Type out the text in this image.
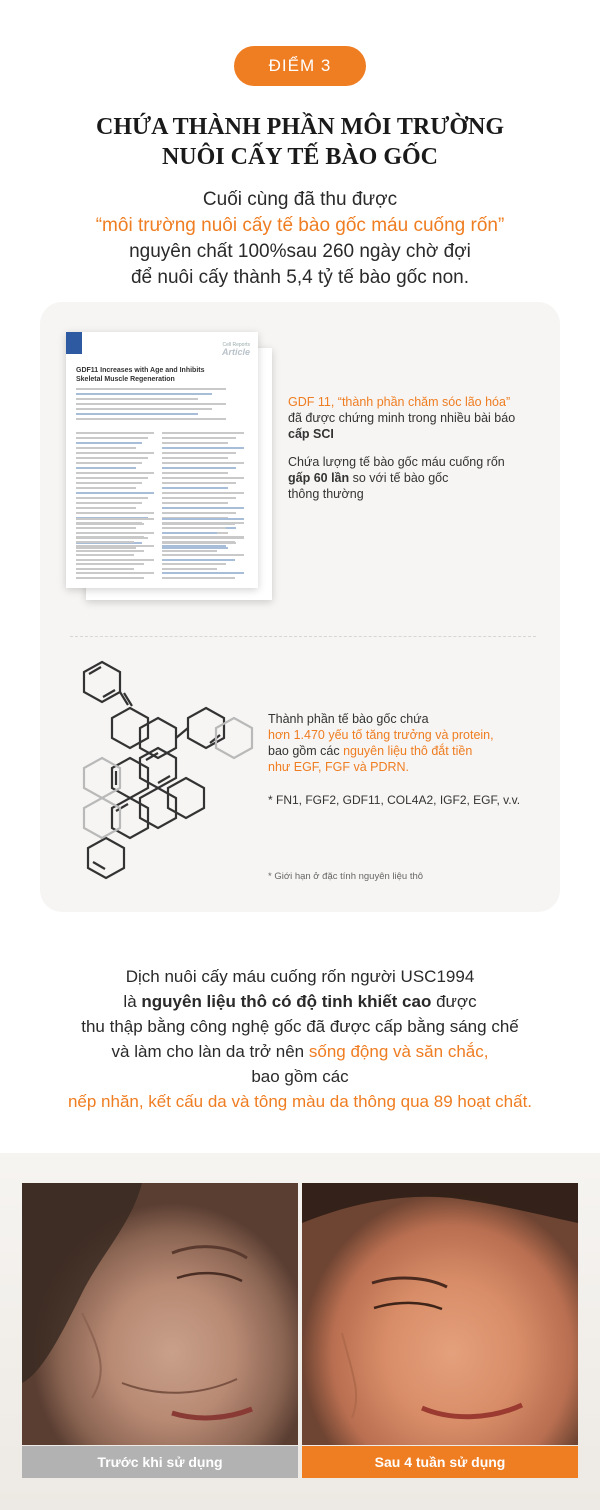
ĐIỂM 3
CHỨA THÀNH PHẦN MÔI TRƯỜNG
NUÔI CẤY TẾ BÀO GỐC
Cuối cùng đã thu được
“môi trường nuôi cấy tế bào gốc máu cuống rốn”
nguyên chất 100%sau 260 ngày chờ đợi
để nuôi cấy thành 5,4 tỷ tế bào gốc non.
Cell Reports
Article
GDF11 Increases with Age and Inhibits Skeletal Muscle Regeneration

GDF 11, “thành phần chăm sóc lão hóa”
đã được chứng minh trong nhiều bài báo
cấp SCI

Chứa lượng tế bào gốc máu cuống rốn
gấp 60 lần so với tế bào gốc
thông thường

Thành phần tế bào gốc chứa
hơn 1.470 yếu tố tăng trưởng và protein,
bao gồm các nguyên liệu thô đắt tiền
như EGF, FGF và PDRN.
* FN1, FGF2, GDF11, COL4A2, IGF2, EGF, v.v.
* Giới hạn ở đặc tính nguyên liệu thô
Dịch nuôi cấy máu cuống rốn người USC1994
là nguyên liệu thô có độ tinh khiết cao được
thu thập bằng công nghệ gốc đã được cấp bằng sáng chế
và làm cho làn da trở nên sống động và săn chắc,
bao gồm các
nếp nhăn, kết cấu da và tông màu da thông qua 89 hoạt chất.
Trước khi sử dụng	Sau 4 tuần sử dụng
